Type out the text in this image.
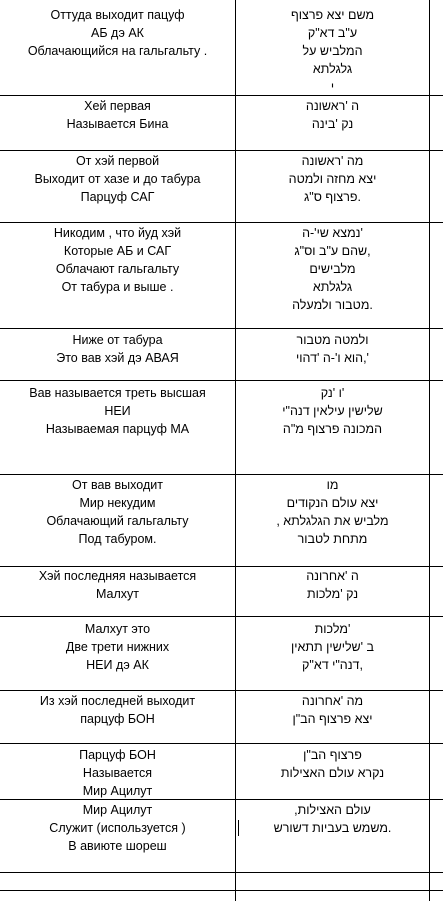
Оттуда выходит пацуф
АБ дэ АК
Облачающийся на гальгальту .
משם יצא פרצוף
ע"ב דא"ק
המלביש על
גלגלתא
י
Хей первая
Называется Бина
ה 'ראשונה
נק 'בינה
От хэй первой
Выходит от хазе и до табура
Парцуф САГ
מה 'ראשונה
יצא מחזה ולמטה
.פרצוף ס"ג
Никодим , что йуд хэй
Которые АБ и САГ
Облачают гальгальту
От табура и выше .
'נמצא שי'-ה
,שהם ע"ב וס"ג
מלבישים
גלגלתא
.מטבור ולמעלה
Ниже от табура
Это вав хэй дэ АВАЯ
ולמטה מטבור
',הוא ו'-ה 'דהוי
Вав называется треть высшая
НЕИ
Называемая парцуф МА
'ו 'נק
שלישין עילאין דנה"י
המכונה פרצוף מ"ה
От вав выходит
Мир некудим
Облачающий гальгальту
Под табуром.
מו
יצא עולם הנקודים
מלביש את הגלגלתא ,
מתחת לטבור
Хэй последняя называется
Малхут
ה 'אחרונה
נק 'מלכות
Малхут это
Две трети нижних
НЕИ дэ АК
'מלכות
ב 'שלישין תתאין
,דנה"י דא"ק
Из хэй последней выходит
парцуф БОН
מה 'אחרונה
יצא פרצוף הב"ן
Парцуф БОН
Называется
Мир Ацилут
פרצוף הב"ן
נקרא עולם האצילות
Мир Ацилут
Служит (используется )
В авиюте шореш
עולם האצילות,
.משמש בעביות דשורש
